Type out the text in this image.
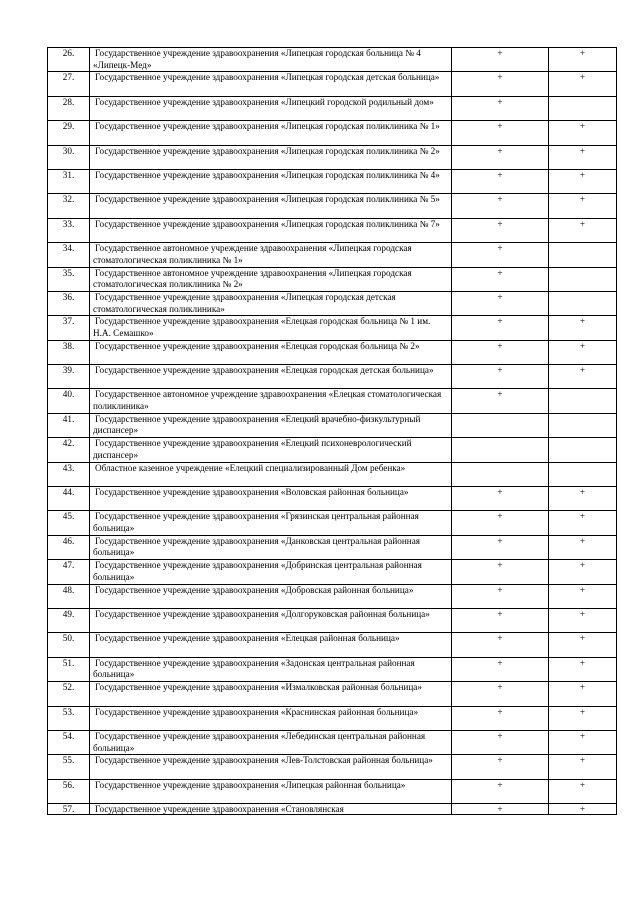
26.	Государственное учреждение здравоохранения «Липецкая городская больница № 4 «Липецк-Мед»	+	+
27.	Государственное учреждение здравоохранения «Липецкая городская детская больница»	+	+
28.	Государственное учреждение здравоохранения «Липецкий городской родильный дом»	+	
29.	Государственное учреждение здравоохранения «Липецкая городская поликлиника № 1»	+	+
30.	Государственное учреждение здравоохранения «Липецкая городская поликлиника № 2»	+	+
31.	Государственное учреждение здравоохранения «Липецкая городская поликлиника № 4»	+	+
32.	Государственное учреждение здравоохранения «Липецкая городская поликлиника № 5»	+	+
33.	Государственное учреждение здравоохранения «Липецкая городская поликлиника № 7»	+	+
34.	Государственное автономное учреждение здравоохранения «Липецкая городская стоматологическая поликлиника № 1»	+	
35.	Государственное автономное учреждение здравоохранения «Липецкая городская стоматологическая поликлиника № 2»	+	
36.	Государственное учреждение здравоохранения «Липецкая городская детская стоматологическая поликлиника»	+	
37.	Государственное учреждение здравоохранения «Елецкая городская больница № 1 им. Н.А. Семашко»	+	+
38.	Государственное учреждение здравоохранения «Елецкая городская больница № 2»	+	+
39.	Государственное учреждение здравоохранения «Елецкая городская детская больница»	+	+
40.	Государственное автономное учреждение здравоохранения «Елецкая стоматологическая поликлиника»	+	
41.	Государственное учреждение здравоохранения «Елецкий врачебно-физкультурный диспансер»		
42.	Государственное учреждение здравоохранения «Елецкий психоневрологический диспансер»		
43.	Областное казенное учреждение «Елецкий специализированный Дом ребенка»		
44.	Государственное учреждение здравоохранения «Воловская районная больница»	+	+
45.	Государственное учреждение здравоохранения «Грязинская центральная районная больница»	+	+
46.	Государственное учреждение здравоохранения «Данковская центральная районная больница»	+	+
47.	Государственное учреждение здравоохранения «Добринская центральная районная больница»	+	+
48.	Государственное учреждение здравоохранения «Добровская районная больница»	+	+
49.	Государственное учреждение здравоохранения «Долгоруковская районная больница»	+	+
50.	Государственное учреждение здравоохранения «Елецкая районная больница»	+	+
51.	Государственное учреждение здравоохранения «Задонская центральная районная больница»	+	+
52.	Государственное учреждение здравоохранения «Измалковская районная больница»	+	+
53.	Государственное учреждение здравоохранения «Краснинская районная больница»	+	+
54.	Государственное учреждение здравоохранения «Лебединская центральная районная больница»	+	+
55.	Государственное учреждение здравоохранения «Лев-Толстовская районная больница»	+	+
56.	Государственное учреждение здравоохранения «Липецкая районная больница»	+	+
57.	Государственное учреждение здравоохранения «Становлянская	+	+
